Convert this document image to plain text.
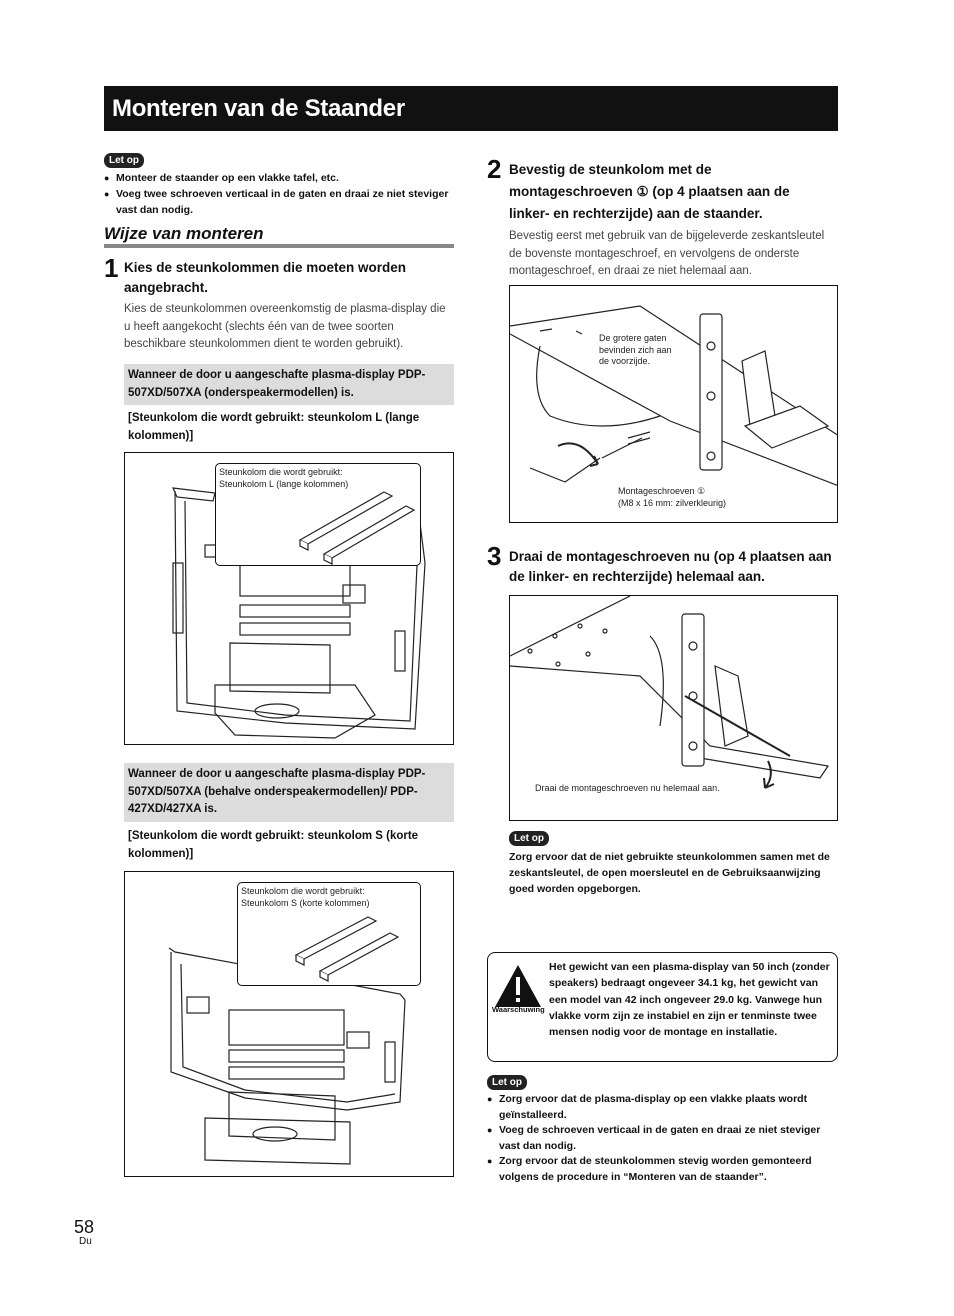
Monteren van de Staander
Let op
● Monteer de staander op een vlakke tafel, etc.
● Voeg twee schroeven verticaal in de gaten en draai ze niet steviger vast dan nodig.
Wijze van monteren
1 Kies de steunkolommen die moeten worden aangebracht.
Kies de steunkolommen overeenkomstig de plasma-display die u heeft aangekocht (slechts één van de twee soorten beschikbare steunkolommen dient te worden gebruikt).
Wanneer de door u aangeschafte plasma-display PDP-507XD/507XA (onderspeakermodellen) is.
[Steunkolom die wordt gebruikt: steunkolom L (lange kolommen)]
Steunkolom die wordt gebruikt:
Steunkolom L (lange kolommen)
Wanneer de door u aangeschafte plasma-display PDP-507XD/507XA (behalve onderspeakermodellen)/ PDP-427XD/427XA is.
[Steunkolom die wordt gebruikt: steunkolom S (korte kolommen)]
Steunkolom die wordt gebruikt:
Steunkolom S (korte kolommen)
2 Bevestig de steunkolom met de montageschroeven ① (op 4 plaatsen aan de linker- en rechterzijde) aan de staander.
Bevestig eerst met gebruik van de bijgeleverde zeskantsleutel de bovenste montageschroef, en vervolgens de onderste montageschroef, en draai ze niet helemaal aan.
De grotere gaten
bevinden zich aan
de voorzijde.
Montageschroeven ①
(M8 x 16 mm: zilverkleurig)
3 Draai de montageschroeven nu (op 4 plaatsen aan de linker- en rechterzijde) helemaal aan.
Draai de montageschroeven nu helemaal aan.
Let op
Zorg ervoor dat de niet gebruikte steunkolommen samen met de zeskantsleutel, de open moersleutel en de Gebruiksaanwijzing goed worden opgeborgen.
Waarschuwing
Het gewicht van een plasma-display van 50 inch (zonder speakers) bedraagt ongeveer 34.1 kg, het gewicht van een model van 42 inch ongeveer 29.0 kg. Vanwege hun vlakke vorm zijn ze instabiel en zijn er tenminste twee mensen nodig voor de montage en installatie.
Let op
● Zorg ervoor dat de plasma-display op een vlakke plaats wordt geïnstalleerd.
● Voeg de schroeven verticaal in de gaten en draai ze niet steviger vast dan nodig.
● Zorg ervoor dat de steunkolommen stevig worden gemonteerd volgens de procedure in “Monteren van de staander”.
58
Du
